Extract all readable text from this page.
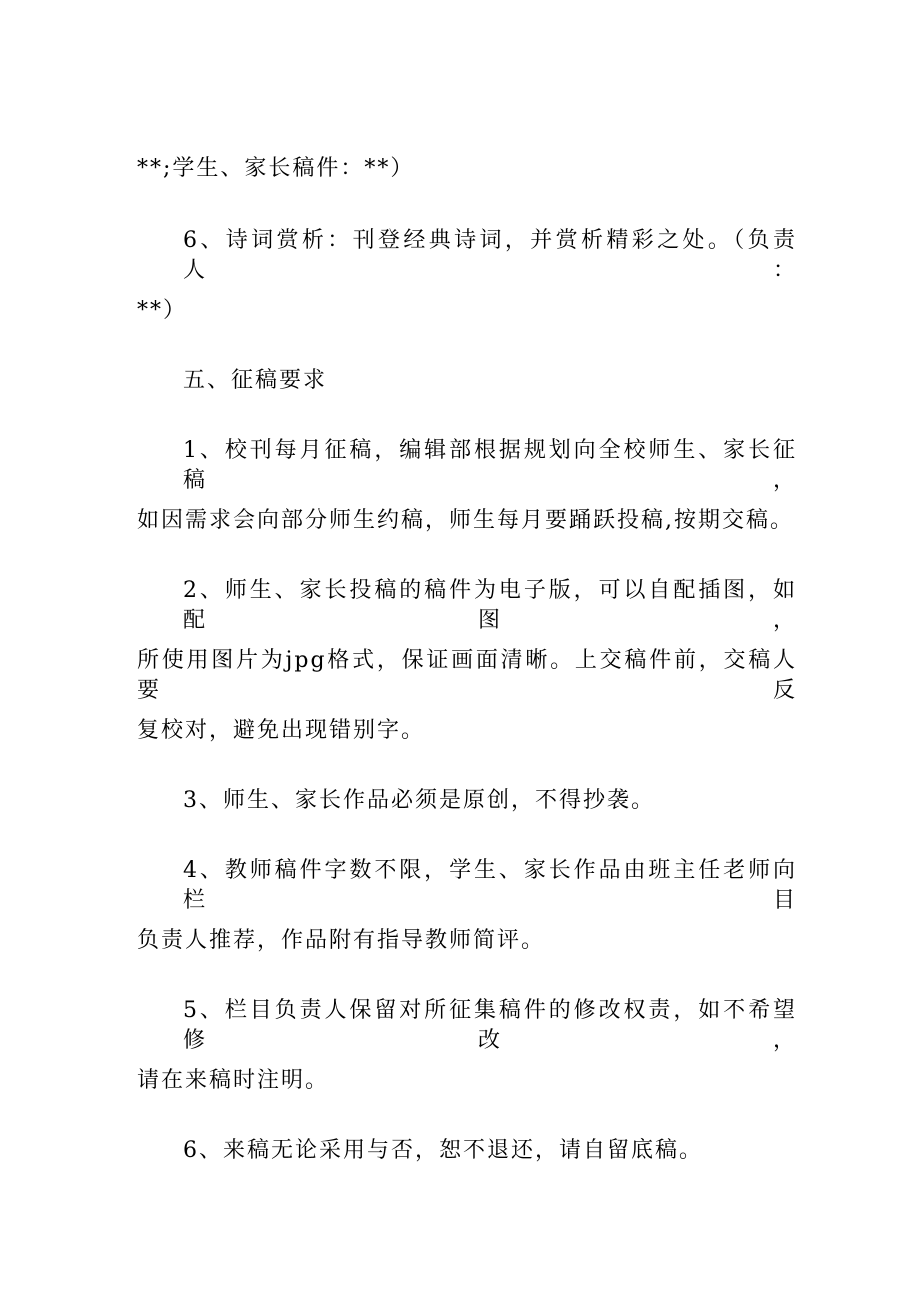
**;学生、家长稿件：**）
6、诗词赏析：刊登经典诗词，并赏析精彩之处。（负责人：
**）
五、征稿要求
1、校刊每月征稿，编辑部根据规划向全校师生、家长征稿，
如因需求会向部分师生约稿，师生每月要踊跃投稿,按期交稿。
2、师生、家长投稿的稿件为电子版，可以自配插图，如配图，
所使用图片为jpg格式，保证画面清晰。上交稿件前，交稿人要反
复校对，避免出现错别字。
3、师生、家长作品必须是原创，不得抄袭。
4、教师稿件字数不限，学生、家长作品由班主任老师向栏目
负责人推荐，作品附有指导教师简评。
5、栏目负责人保留对所征集稿件的修改权责，如不希望修改，
请在来稿时注明。
6、来稿无论采用与否，恕不退还，请自留底稿。
